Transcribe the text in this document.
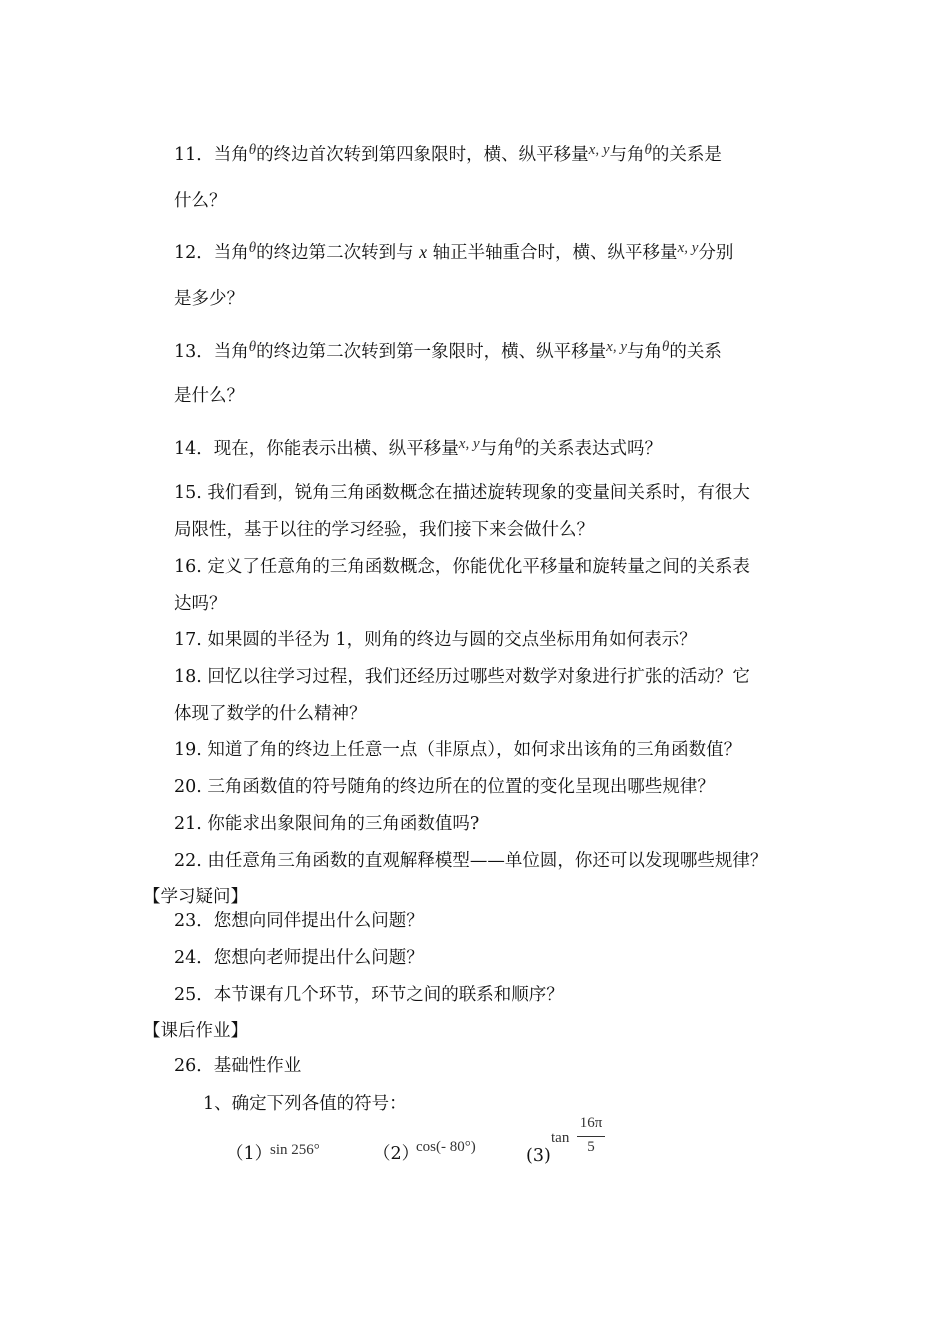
11．当角θ的终边首次转到第四象限时，横、纵平移量x, y与角θ的关系是
什么？
12．当角θ的终边第二次转到与 x 轴正半轴重合时，横、纵平移量x, y分别
是多少？
13．当角θ的终边第二次转到第一象限时，横、纵平移量x, y与角θ的关系
是什么？
14．现在，你能表示出横、纵平移量x, y与角θ的关系表达式吗？
15. 我们看到，锐角三角函数概念在描述旋转现象的变量间关系时，有很大
局限性，基于以往的学习经验，我们接下来会做什么？
16. 定义了任意角的三角函数概念，你能优化平移量和旋转量之间的关系表
达吗？
17. 如果圆的半径为 1，则角的终边与圆的交点坐标用角如何表示？
18. 回忆以往学习过程，我们还经历过哪些对数学对象进行扩张的活动？它
体现了数学的什么精神？
19. 知道了角的终边上任意一点（非原点），如何求出该角的三角函数值？
20. 三角函数值的符号随角的终边所在的位置的变化呈现出哪些规律？
21. 你能求出象限间角的三角函数值吗?
22. 由任意角三角函数的直观解释模型——单位圆，你还可以发现哪些规律？
【学习疑问】
23．您想向同伴提出什么问题？
24．您想向老师提出什么问题？
25．本节课有几个环节，环节之间的联系和顺序？
【课后作业】
26．基础性作业
1、确定下列各值的符号：
（1）
sin 256°	（2）
cos(- 80°)	(3)
tan
16π
5
